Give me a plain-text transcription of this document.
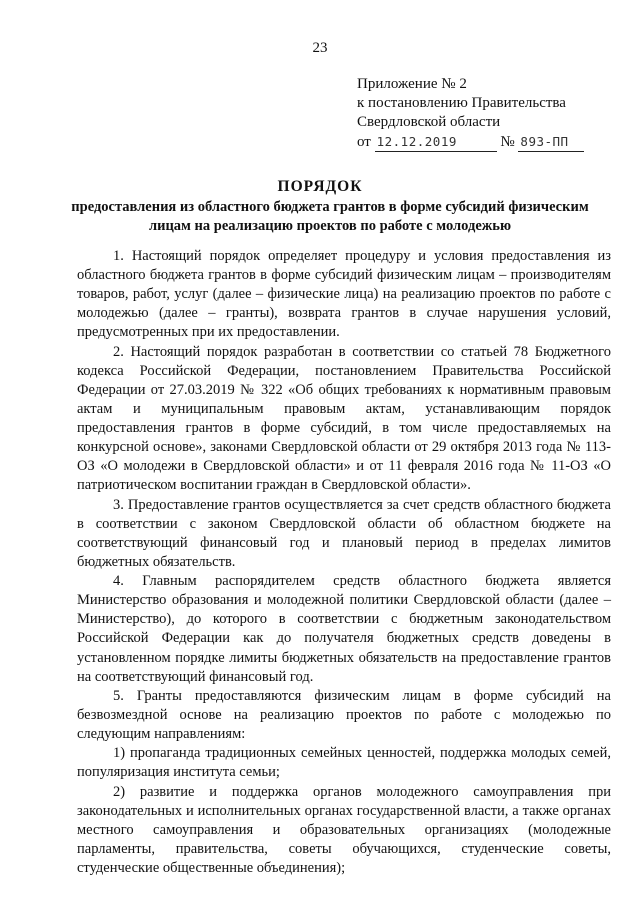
23
Приложение № 2
к постановлению Правительства
Свердловской области
от 12.12.2019	№ 893-ПП
ПОРЯДОК
предоставления из областного бюджета грантов в форме субсидий физическим лицам на реализацию проектов по работе с молодежью

1. Настоящий порядок определяет процедуру и условия предоставления из областного бюджета грантов в форме субсидий физическим лицам – производителям товаров, работ, услуг (далее – физические лица) на реализацию проектов по работе с молодежью (далее – гранты), возврата грантов в случае нарушения условий, предусмотренных при их предоставлении.

2. Настоящий порядок разработан в соответствии со статьей 78 Бюджетного кодекса Российской Федерации, постановлением Правительства Российской Федерации от 27.03.2019 № 322 «Об общих требованиях к нормативным правовым актам и муниципальным правовым актам, устанавливающим порядок предоставления грантов в форме субсидий, в том числе предоставляемых на конкурсной основе», законами Свердловской области от 29 октября 2013 года № 113-ОЗ «О молодежи в Свердловской области» и от 11 февраля 2016 года № 11-ОЗ «О патриотическом воспитании граждан в Свердловской области».

3. Предоставление грантов осуществляется за счет средств областного бюджета в соответствии с законом Свердловской области об областном бюджете на соответствующий финансовый год и плановый период в пределах лимитов бюджетных обязательств.

4. Главным распорядителем средств областного бюджета является Министерство образования и молодежной политики Свердловской области (далее – Министерство), до которого в соответствии с бюджетным законодательством Российской Федерации как до получателя бюджетных средств доведены в установленном порядке лимиты бюджетных обязательств на предоставление грантов на соответствующий финансовый год.

5. Гранты предоставляются физическим лицам в форме субсидий на безвозмездной основе на реализацию проектов по работе с молодежью по следующим направлениям:

1) пропаганда традиционных семейных ценностей, поддержка молодых семей, популяризация института семьи;

2) развитие и поддержка органов молодежного самоуправления при законодательных и исполнительных органах государственной власти, а также органах местного самоуправления и образовательных организациях (молодежные парламенты, правительства, советы обучающихся, студенческие советы, студенческие общественные объединения);
